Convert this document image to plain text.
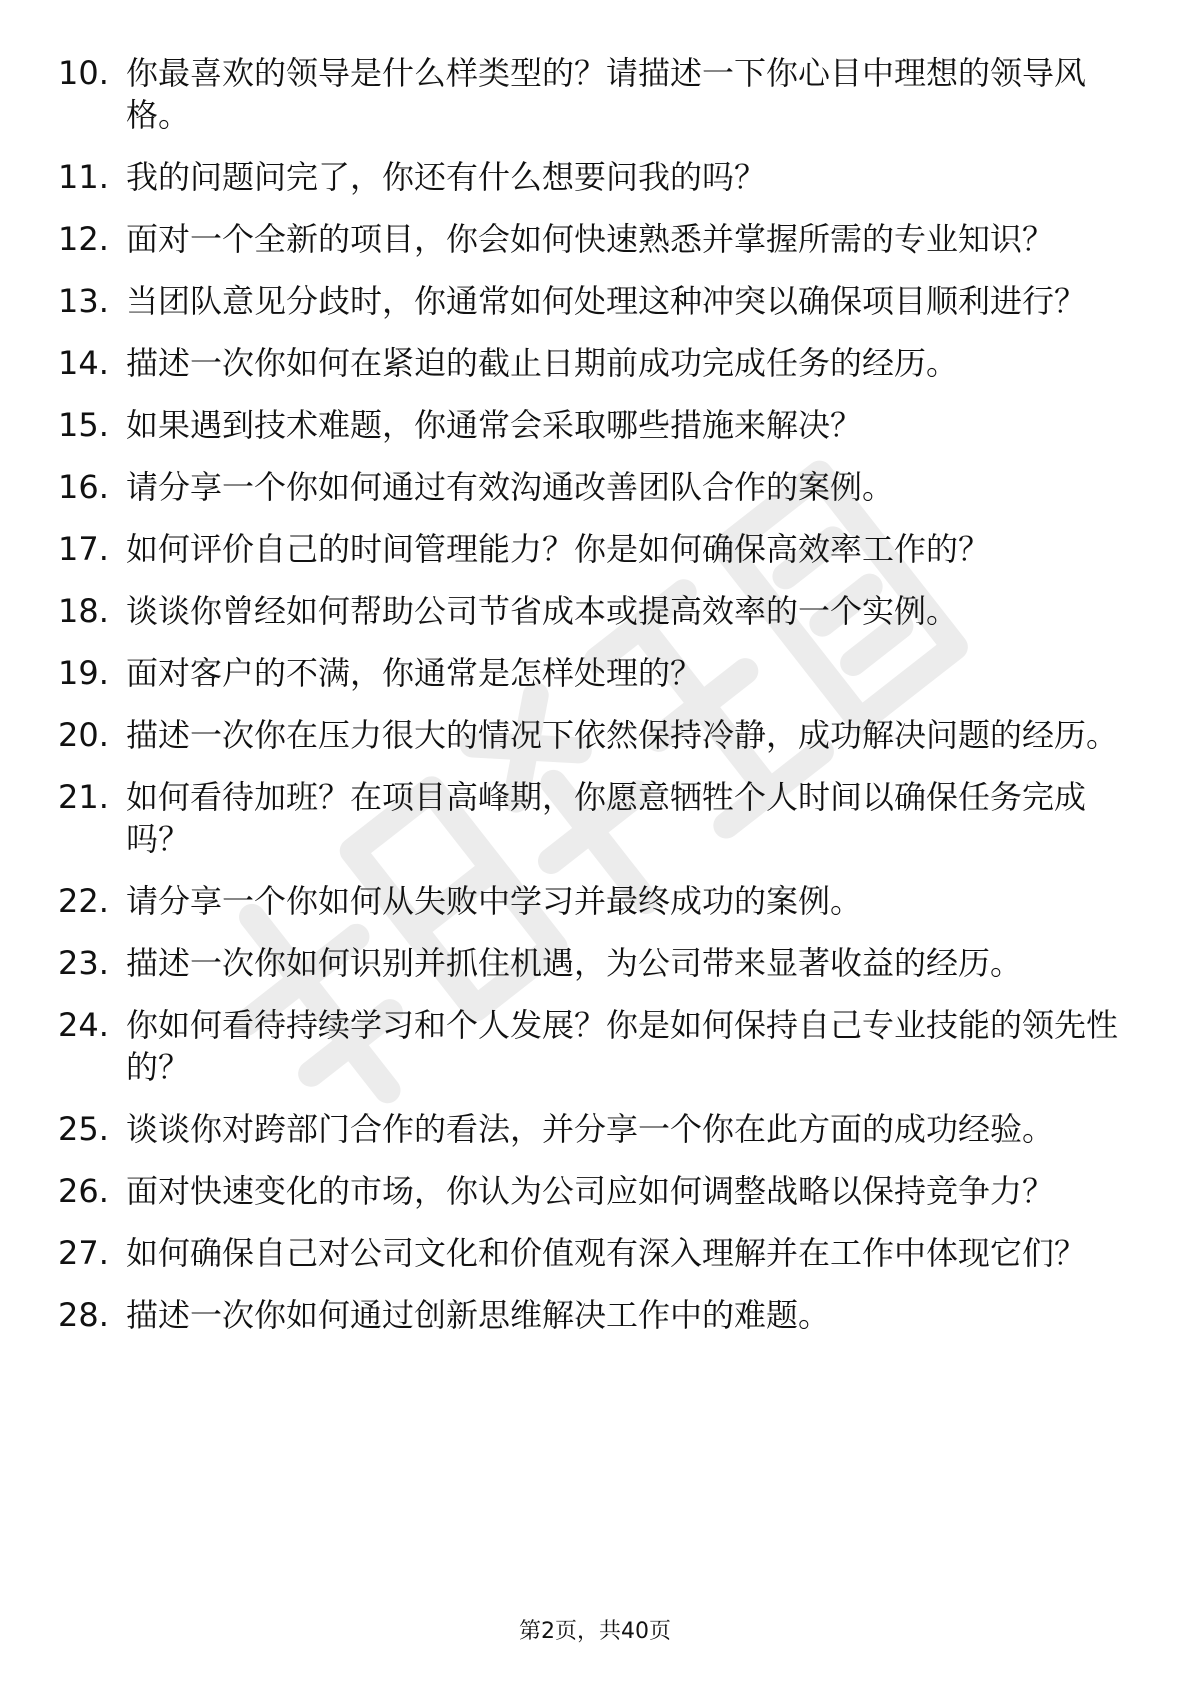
10. 你最喜欢的领导是什么样类型的？请描述一下你心目中理想的领导风格。
11. 我的问题问完了，你还有什么想要问我的吗？
12. 面对一个全新的项目，你会如何快速熟悉并掌握所需的专业知识？
13. 当团队意见分歧时，你通常如何处理这种冲突以确保项目顺利进行？
14. 描述一次你如何在紧迫的截止日期前成功完成任务的经历。
15. 如果遇到技术难题，你通常会采取哪些措施来解决？
16. 请分享一个你如何通过有效沟通改善团队合作的案例。
17. 如何评价自己的时间管理能力？你是如何确保高效率工作的？
18. 谈谈你曾经如何帮助公司节省成本或提高效率的一个实例。
19. 面对客户的不满，你通常是怎样处理的？
20. 描述一次你在压力很大的情况下依然保持冷静，成功解决问题的经历。
21. 如何看待加班？在项目高峰期，你愿意牺牲个人时间以确保任务完成吗？
22. 请分享一个你如何从失败中学习并最终成功的案例。
23. 描述一次你如何识别并抓住机遇，为公司带来显著收益的经历。
24. 你如何看待持续学习和个人发展？你是如何保持自己专业技能的领先性的？
25. 谈谈你对跨部门合作的看法，并分享一个你在此方面的成功经验。
26. 面对快速变化的市场，你认为公司应如何调整战略以保持竞争力？
27. 如何确保自己对公司文化和价值观有深入理解并在工作中体现它们？
28. 描述一次你如何通过创新思维解决工作中的难题。
第2页，共40页
